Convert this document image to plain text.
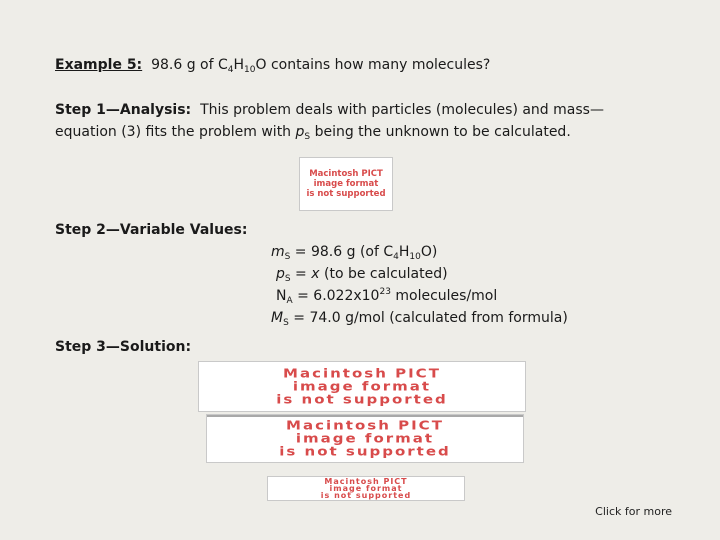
Example 5: 98.6 g of $C_4H_{10}O$ contains how many molecules?
Step 1—Analysis: This problem deals with particles (molecules) and mass—
equation (3) fits the problem with $p_S$ being the unknown to be calculated.
Macintosh PICT
image format
is not supported
Step 2—Variable Values:
$m_S = 98.6$ g (of $C_4H_{10}O$)
$p_S = x$ (to be calculated)
$N_A = 6.022x10^{23}$ molecules/mol
$M_S = 74.0$ g/mol (calculated from formula)
Step 3—Solution:
Macintosh PICT
image format
is not supported
Macintosh PICT
image format
is not supported
Macintosh PICT
image format
is not supported
Click for more
